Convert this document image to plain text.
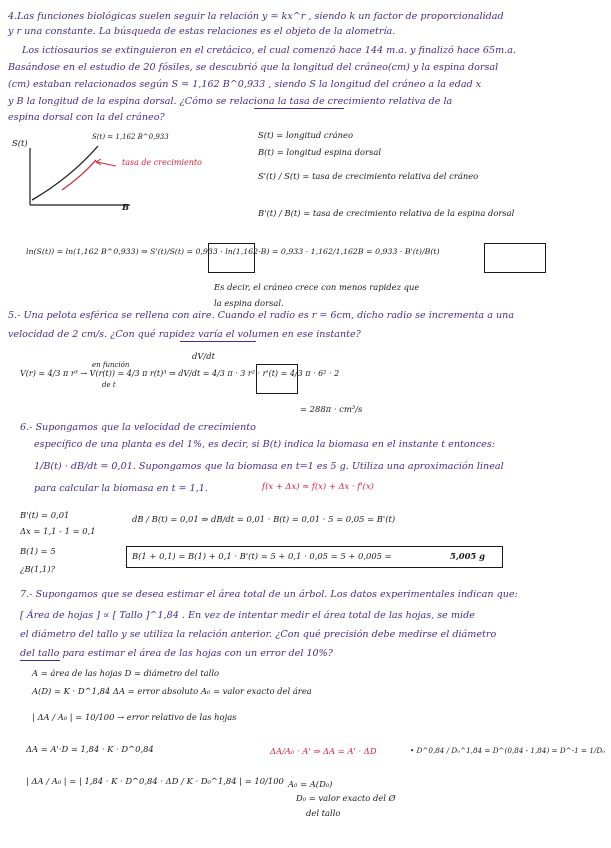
4.Las funciones biológicas suelen seguir la relación y = kx^r , siendo k un factor de proporcionalidad
y r una constante. La búsqueda de estas relaciones es el objeto de la alometría.
Los ictiosaurios se extinguieron en el cretácico, el cual comenzó hace 144 m.a. y finalizó hace 65m.a.
Basándose en el estudio de 20 fósiles, se descubrió que la longitud del cráneo(cm) y la espina dorsal
(cm) estaban relacionados según S = 1,162 B^0,933 , siendo S la longitud del cráneo a la edad x
y B la longitud de la espina dorsal. ¿Cómo se relaciona la tasa de crecimiento relativa de la
espina dorsal con la del cráneo?
S(t)
B
S(t) = 1,162 B^0,933
tasa de crecimiento
S(t) = longitud cráneo
B(t) = longitud espina dorsal
S'(t) / S(t) = tasa de crecimiento relativa del cráneo
B'(t) / B(t) = tasa de crecimiento relativa de la espina dorsal
ln(S(t)) = ln(1,162 B^0,933) ⇒ S'(t)/S(t) = 0,933 · ln(1,162·B) = 0,933 · 1,162/1,162B = 0,933 · B'(t)/B(t)
Es decir, el cráneo crece con menos rapidez que
la espina dorsal.
5.- Una pelota esférica se rellena con aire. Cuando el radio es r = 6cm, dicho radio se incrementa a una
velocidad de 2 cm/s. ¿Con qué rapidez varía el volumen en ese instante?
dV/dt
en función
de t
V(r) = 4/3 π r³ → V(r(t)) = 4/3 π r(t)³ ⇒ dV/dt = 4/3 π · 3 r² · r'(t) = 4/3 π · 6² · 2
= 288π · cm³/s
6.- Supongamos que la velocidad de crecimiento
específico de una planta es del 1%, es decir, si B(t) indica la biomasa en el instante t entonces:
1/B(t) · dB/dt = 0,01. Supongamos que la biomasa en t=1 es 5 g. Utiliza una aproximación lineal
para calcular la biomasa en t = 1,1.	f(x + Δx) ≈ f(x) + Δx · f'(x)
B'(t) = 0,01
Δx = 1,1 - 1 = 0,1
B(1) = 5
¿B(1,1)?
dB / B(t) = 0,01 ⇒ dB/dt = 0,01 · B(t) = 0,01 · 5 = 0,05 = B'(t)
B(1 + 0,1) = B(1) + 0,1 · B'(t) = 5 + 0,1 · 0,05 = 5 + 0,005 =	5,005 g
7.- Supongamos que se desea estimar el área total de un árbol. Los datos experimentales indican que:
[ Área de hojas ] ∝ [ Tallo ]^1,84 . En vez de intentar medir el área total de las hojas, se mide
el diámetro del tallo y se utiliza la relación anterior. ¿Con qué precisión debe medirse el diámetro
del tallo para estimar el área de las hojas con un error del 10%?
A = área de las hojas D = diámetro del tallo
A(D) = K · D^1,84 ΔA = error absoluto A₀ = valor exacto del área
| ΔA / A₀ | = 10/100 → error relativo de las hojas
ΔA = A'·D = 1,84 · K · D^0,84
| ΔA / A₀ | = | 1,84 · K · D^0,84 · ΔD / K · D₀^1,84 | = 10/100
ΔA/A₀ · A' ⇒ ΔA = A' · ΔD	• D^0,84 / D₀^1,84 = D^(0,84 - 1,84) = D^-1 = 1/D₀
A₀ = A(D₀)
D₀ = valor exacto del Ø
del tallo
